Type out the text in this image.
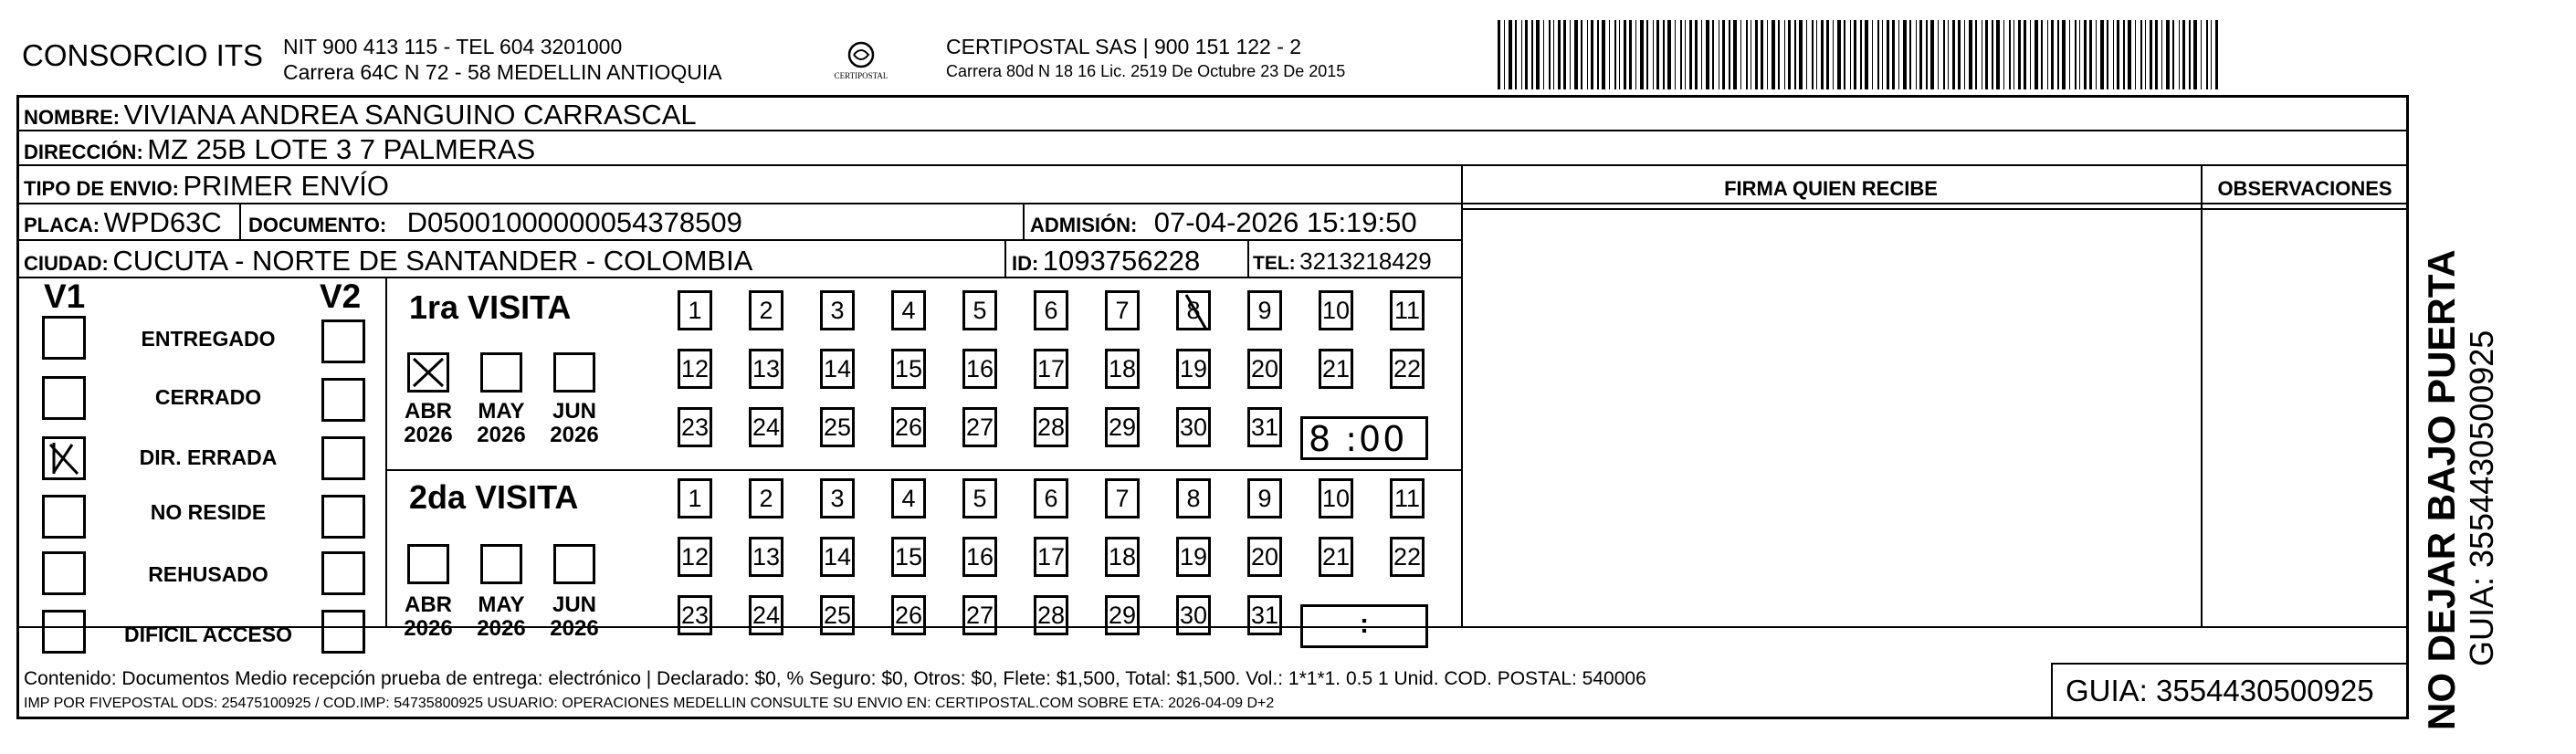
CONSORCIO ITS NIT 900 413 115 - TEL 604 3201000
Carrera 64C N 72 - 58 MEDELLIN ANTIOQUIA	CERTIPOSTAL
CERTIPOSTAL SAS | 900 151 122 - 2
Carrera 80d N 18 16 Lic. 2519 De Octubre 23 De 2015
NOMBRE: VIVIANA ANDREA SANGUINO CARRASCAL
DIRECCIÓN: MZ 25B LOTE 3 7 PALMERAS
TIPO DE ENVIO: PRIMER ENVÍO	FIRMA QUIEN RECIBE	OBSERVACIONES
PLACA: WPD63C DOCUMENTO: D05001000000054378509	ADMISIÓN: 07-04-2026 15:19:50
CIUDAD: CUCUTA - NORTE DE SANTANDER - COLOMBIA	ID: 1093756228	TEL: 3213218429
V1	V2
ENTREGADO
CERRADO
DIR. ERRADA
NO RESIDE
REHUSADO
DIFICIL ACCESO
1ra VISITA
ABR
2026
MAY
2026
JUN
2026
1 2 3 4 5 6 7 8 9 10 11
12 13 14 15 16 17 18 19 20 21 22
23 24 25 26 27 28 29 30 31 8 :00
2da VISITA
ABR
2026
MAY
2026
JUN
2026
1 2 3 4 5 6 7 8 9 10 11
12 13 14 15 16 17 18 19 20 21 22
23 24 25 26 27 28 29 30 31	:
Contenido: Documentos Medio recepción prueba de entrega: electrónico | Declarado: $0, % Seguro: $0, Otros: $0, Flete: $1,500, Total: $1,500. Vol.: 1*1*1. 0.5 1 Unid. COD. POSTAL: 540006
IMP POR FIVEPOSTAL ODS: 25475100925 / COD.IMP: 54735800925 USUARIO: OPERACIONES MEDELLIN CONSULTE SU ENVIO EN: CERTIPOSTAL.COM SOBRE ETA: 2026-04-09 D+2	GUIA: 3554430500925 NO DEJAR BAJO PUERTA GUIA: 3554430500925
